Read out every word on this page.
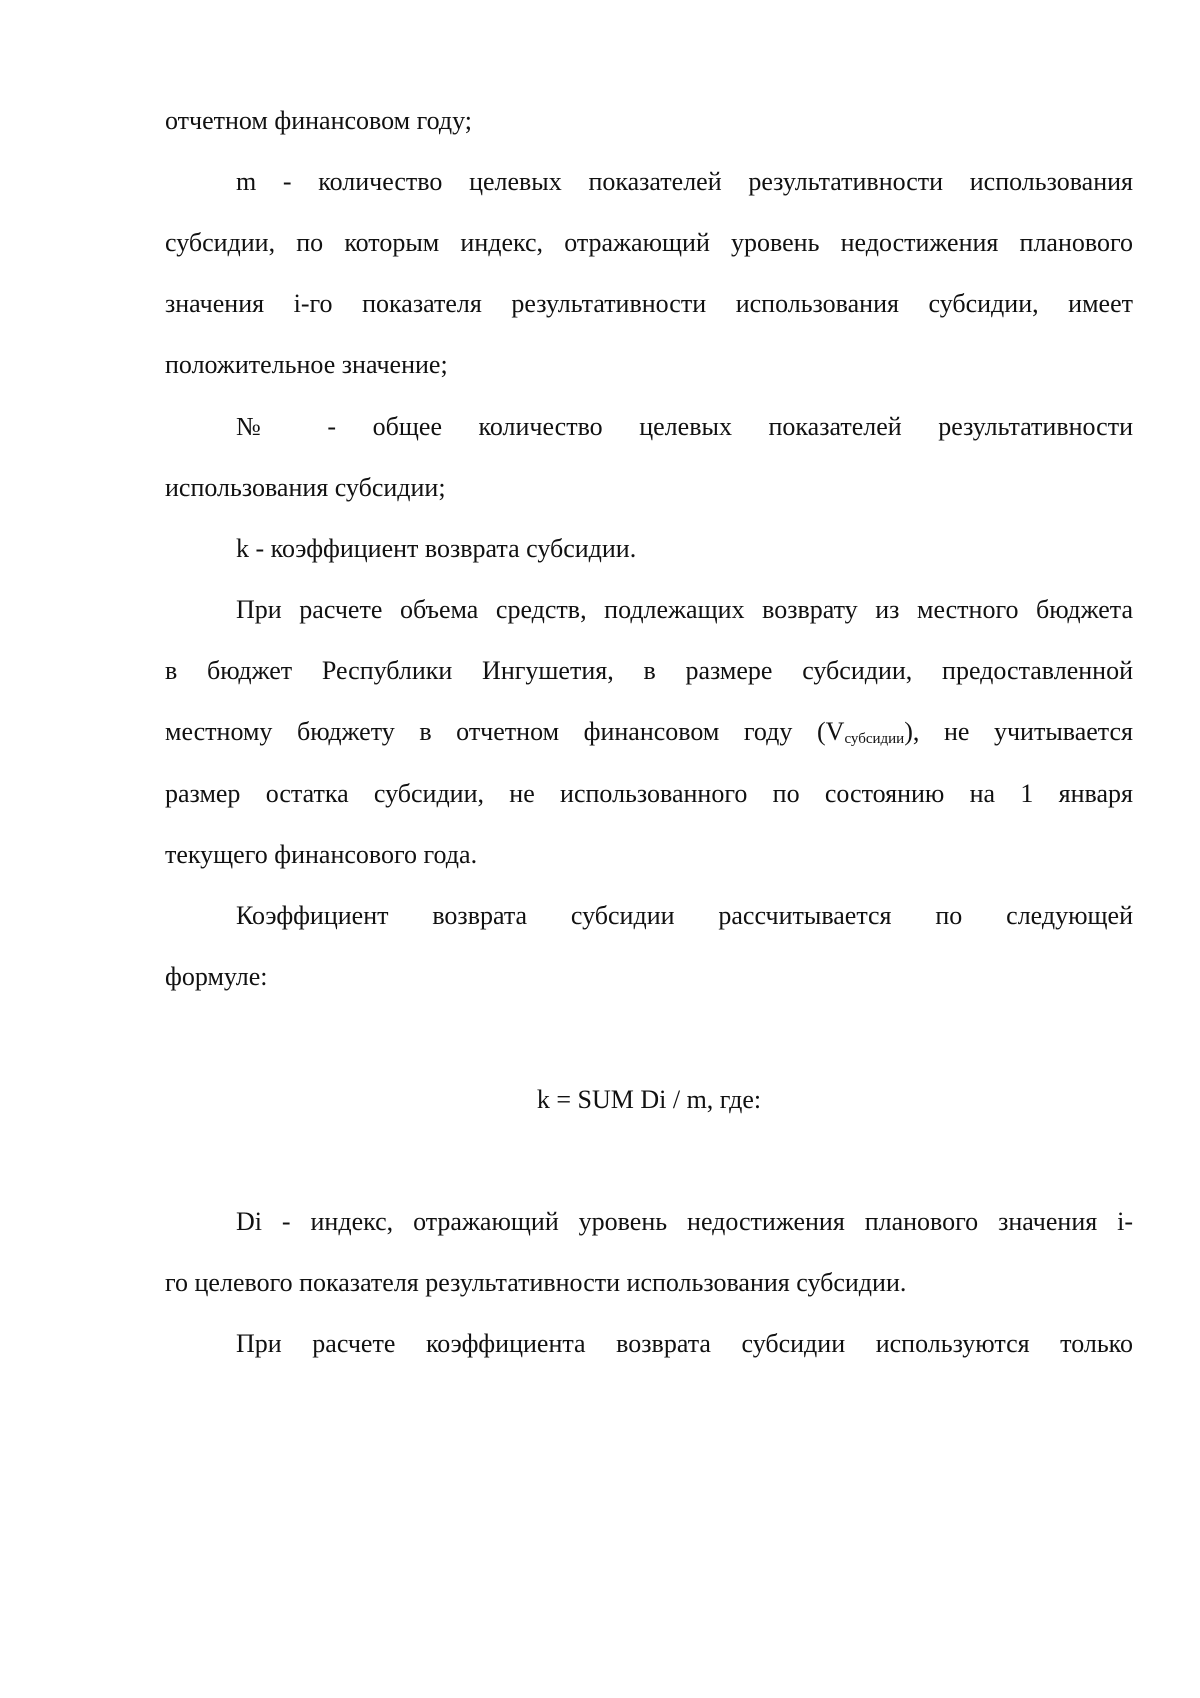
отчетном финансовом году;
m - количество целевых показателей результативности использования
субсидии, по которым индекс, отражающий уровень недостижения планового
значения i-го показателя результативности использования субсидии, имеет
положительное значение;
№ - общее количество целевых показателей результативности
использования субсидии;
k - коэффициент возврата субсидии.
При расчете объема средств, подлежащих возврату из местного бюджета
в бюджет Республики Ингушетия, в размере субсидии, предоставленной
местному бюджету в отчетном финансовом году $(V_{субсидии})$, не учитывается
размер остатка субсидии, не использованного по состоянию на 1 января
текущего финансового года.
Коэффициент возврата субсидии рассчитывается по следующей
формуле:
k = SUM Di / m, где:
Di - индекс, отражающий уровень недостижения планового значения i-
го целевого показателя результативности использования субсидии.
При расчете коэффициента возврата субсидии используются только
